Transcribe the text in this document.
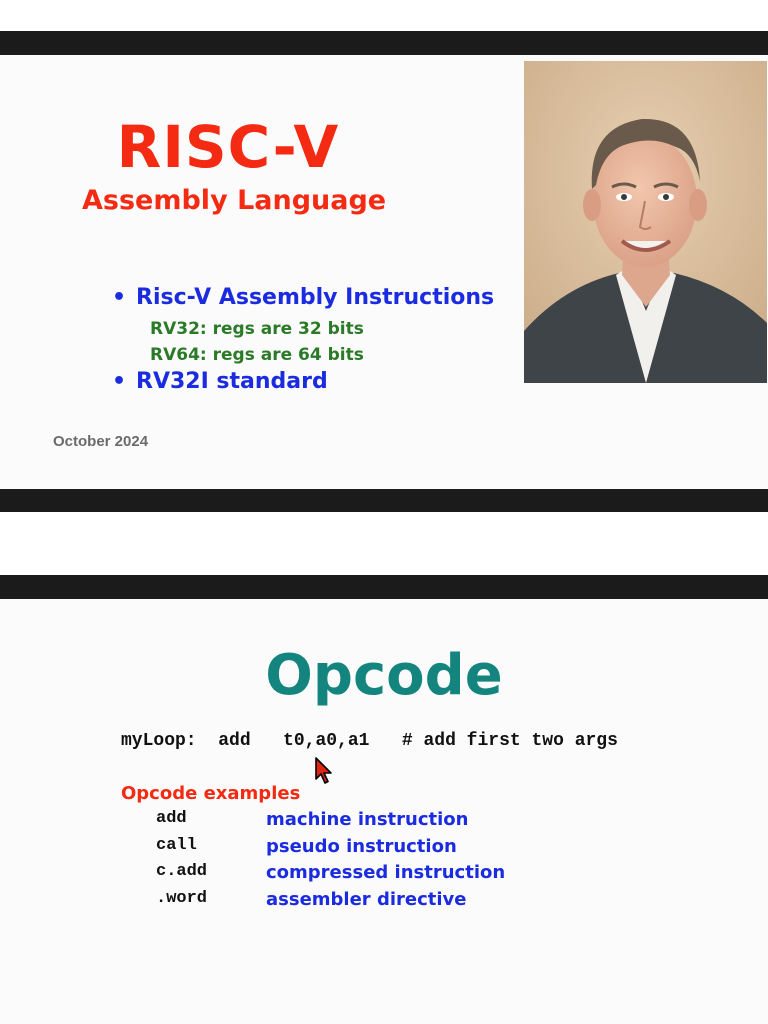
RISC-V
Assembly Language
• Risc-V Assembly Instructions
RV32: regs are 32 bits
RV64: regs are 64 bits
• RV32I standard
October 2024
Opcode
myLoop: add t0,a0,a1 # add first two args
Opcode examples
add	machine instruction
call	pseudo instruction
c.add	compressed instruction
.word	assembler directive
